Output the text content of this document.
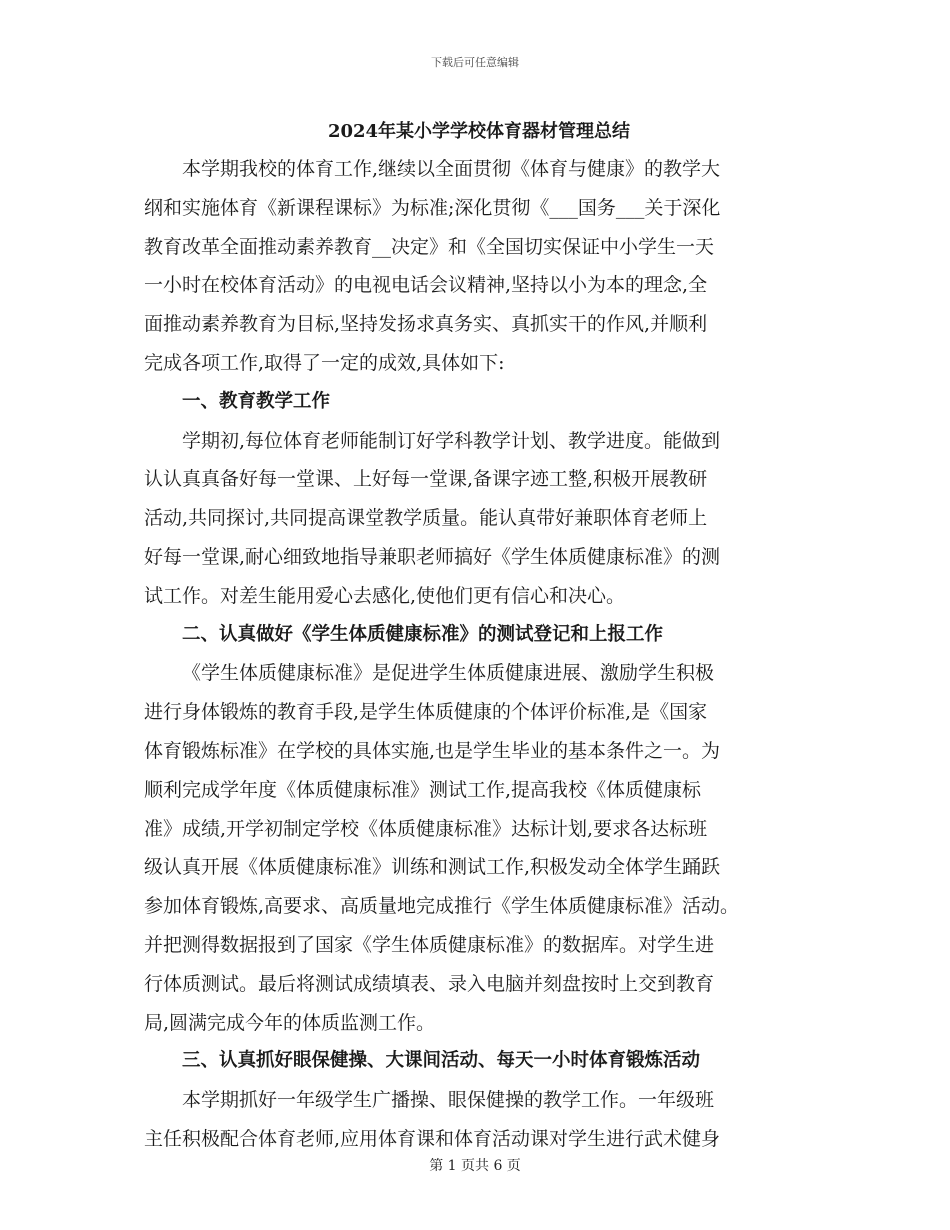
下载后可任意编辑
2024年某小学学校体育器材管理总结
本学期我校的体育工作,继续以全面贯彻《体育与健康》的教学大
纲和实施体育《新课程课标》为标准;深化贯彻《___国务___关于深化
教育改革全面推动素养教育__决定》和《全国切实保证中小学生一天
一小时在校体育活动》的电视电话会议精神,坚持以小为本的理念,全
面推动素养教育为目标,坚持发扬求真务实、真抓实干的作风,并顺利
完成各项工作,取得了一定的成效,具体如下:
一、教育教学工作
学期初,每位体育老师能制订好学科教学计划、教学进度。能做到
认认真真备好每一堂课、上好每一堂课,备课字迹工整,积极开展教研
活动,共同探讨,共同提高课堂教学质量。能认真带好兼职体育老师上
好每一堂课,耐心细致地指导兼职老师搞好《学生体质健康标准》的测
试工作。对差生能用爱心去感化,使他们更有信心和决心。
二、认真做好《学生体质健康标准》的测试登记和上报工作
《学生体质健康标准》是促进学生体质健康进展、激励学生积极
进行身体锻炼的教育手段,是学生体质健康的个体评价标准,是《国家
体育锻炼标准》在学校的具体实施,也是学生毕业的基本条件之一。为
顺利完成学年度《体质健康标准》测试工作,提高我校《体质健康标
准》成绩,开学初制定学校《体质健康标准》达标计划,要求各达标班
级认真开展《体质健康标准》训练和测试工作,积极发动全体学生踊跃
参加体育锻炼,高要求、高质量地完成推行《学生体质健康标准》活动。
并把测得数据报到了国家《学生体质健康标准》的数据库。对学生进
行体质测试。最后将测试成绩填表、录入电脑并刻盘按时上交到教育
局,圆满完成今年的体质监测工作。
三、认真抓好眼保健操、大课间活动、每天一小时体育锻炼活动
本学期抓好一年级学生广播操、眼保健操的教学工作。一年级班
主任积极配合体育老师,应用体育课和体育活动课对学生进行武术健身
第 1 页共 6 页
